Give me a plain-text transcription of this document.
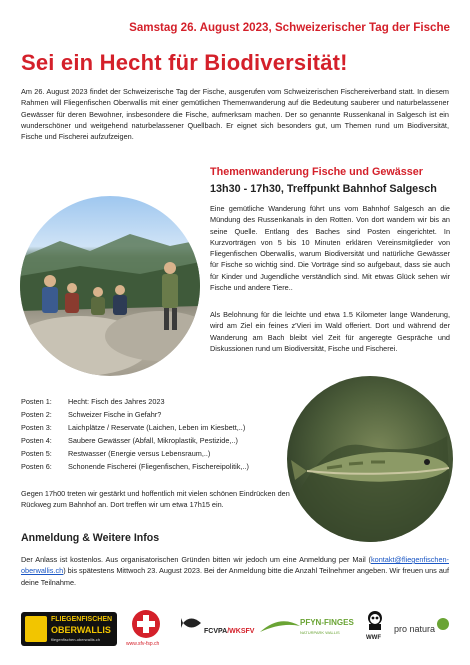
Samstag 26. August 2023, Schweizerischer Tag der Fische
Sei ein Hecht für Biodiversität!

Am 26. August 2023 findet der Schweizerische Tag der Fische, ausgerufen vom Schweizerischen Fischereiverband statt. In diesem Rahmen will Fliegenfischen Oberwallis mit einer gemütlichen Themenwanderung auf die Bedeutung sauberer und naturbelassener Gewässer für deren Bewohner, insbesondere die Fische, aufmerksam machen. Der so genannte Russenkanal in Salgesch ist ein wunderschöner und weitgehend naturbelassener Quellbach. Er eignet sich besonders gut, um Themen rund um Biodiversität, Fische und Fischerei aufzufzeigen.

Themenwanderung Fische und Gewässer
13h30 - 17h30, Treffpunkt Bahnhof Salgesch

Eine gemütliche Wanderung führt uns vom Bahnhof Salgesch an die Mündung des Russenkanals in den Rotten. Von dort wandern wir bis an seine Quelle. Entlang des Baches sind Posten eingerichtet. In Kurzvorträgen von 5 bis 10 Minuten erklären Vereinsmitglieder von Fliegenfischen Oberwallis, warum Biodiversität und natürliche Gewässer für Fische so wichtig sind. Die Vorträge sind so aufgebaut, dass sie auch für Kinder und Jugendliche verständlich sind. Mit etwas Glück sehen wir Fische und andere Tiere..

Als Belohnung für die leichte und etwa 1.5 Kilometer lange Wanderung, wird am Ziel ein feines z'Vieri im Wald offeriert. Dort und während der Wanderung am Bach bleibt viel Zeit für angeregte Gespräche und Diskussionen rund um Biodiversität, Fische und Fischerei.

Posten 1:	Hecht: Fisch des Jahres 2023
Posten 2:	Schweizer Fische in Gefahr?
Posten 3:	Laichplätze / Reservate (Laichen, Leben im Kiesbett,..)
Posten 4:	Saubere Gewässer (Abfall, Mikroplastik, Pestizide,..)
Posten 5:	Restwasser (Energie versus Lebensraum,..)
Posten 6:	Schonende Fischerei (Fliegenfischen, Fischereipolitik,..)

Gegen 17h00 treten wir gestärkt und hoffentlich mit vielen schönen Eindrücken den Rückweg zum Bahnhof an. Dort treffen wir um etwa 17h15 ein.

Anmeldung & Weitere Infos

Der Anlass ist kostenlos. Aus organisatorischen Gründen bitten wir jedoch um eine Anmeldung per Mail (kontakt@fliegenfischen-oberwallis.ch) bis spätestens Mittwoch 23. August 2023. Bei der Anmeldung bitte die Anzahl Teilnehmer angeben. Wir freuen uns auf deine Teilnahme.

FLIEGENFISCHEN
OBERWALLIS
fliegenfischen-oberwallis.ch
www.sfv-fsp.ch
FCVPA/WKSFV
PFYN-FINGES
NATURPARK WALLIS
WWF
pro natura
